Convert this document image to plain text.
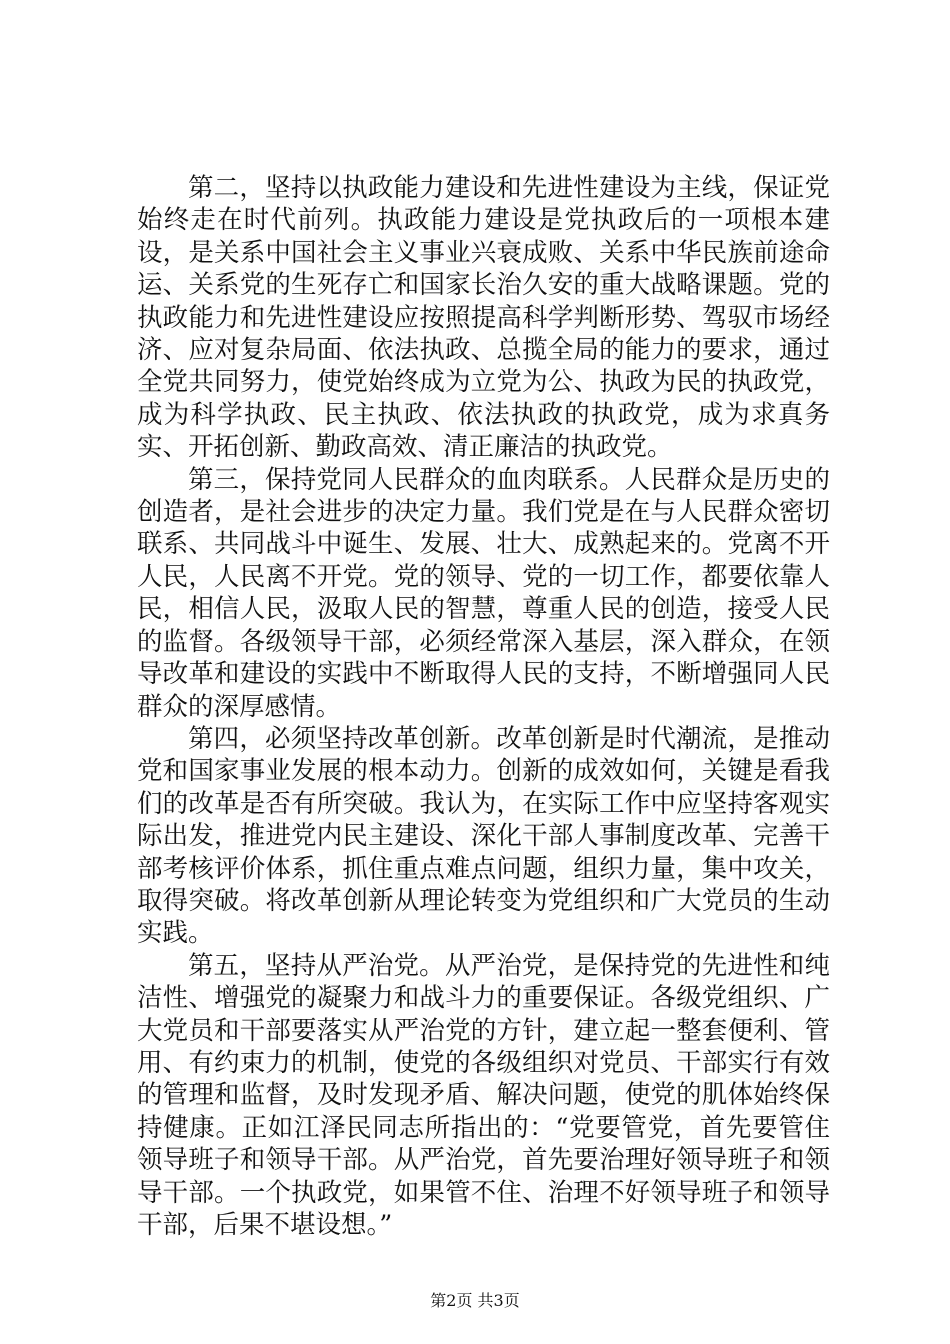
第二，坚持以执政能力建设和先进性建设为主线，保证党始终走在时代前列。执政能力建设是党执政后的一项根本建设，是关系中国社会主义事业兴衰成败、关系中华民族前途命运、关系党的生死存亡和国家长治久安的重大战略课题。党的执政能力和先进性建设应按照提高科学判断形势、驾驭市场经济、应对复杂局面、依法执政、总揽全局的能力的要求，通过全党共同努力，使党始终成为立党为公、执政为民的执政党，成为科学执政、民主执政、依法执政的执政党，成为求真务实、开拓创新、勤政高效、清正廉洁的执政党。

第三，保持党同人民群众的血肉联系。人民群众是历史的创造者，是社会进步的决定力量。我们党是在与人民群众密切联系、共同战斗中诞生、发展、壮大、成熟起来的。党离不开人民，人民离不开党。党的领导、党的一切工作，都要依靠人民，相信人民，汲取人民的智慧，尊重人民的创造，接受人民的监督。各级领导干部，必须经常深入基层，深入群众，在领导改革和建设的实践中不断取得人民的支持，不断增强同人民群众的深厚感情。

第四，必须坚持改革创新。改革创新是时代潮流，是推动党和国家事业发展的根本动力。创新的成效如何，关键是看我们的改革是否有所突破。我认为，在实际工作中应坚持客观实际出发，推进党内民主建设、深化干部人事制度改革、完善干部考核评价体系，抓住重点难点问题，组织力量，集中攻关，取得突破。将改革创新从理论转变为党组织和广大党员的生动实践。

第五，坚持从严治党。从严治党，是保持党的先进性和纯洁性、增强党的凝聚力和战斗力的重要保证。各级党组织、广大党员和干部要落实从严治党的方针，建立起一整套便利、管用、有约束力的机制，使党的各级组织对党员、干部实行有效的管理和监督，及时发现矛盾、解决问题，使党的肌体始终保持健康。正如江泽民同志所指出的：“党要管党，首先要管住领导班子和领导干部。从严治党，首先要治理好领导班子和领导干部。一个执政党，如果管不住、治理不好领导班子和领导干部，后果不堪设想。”

第2页 共3页
